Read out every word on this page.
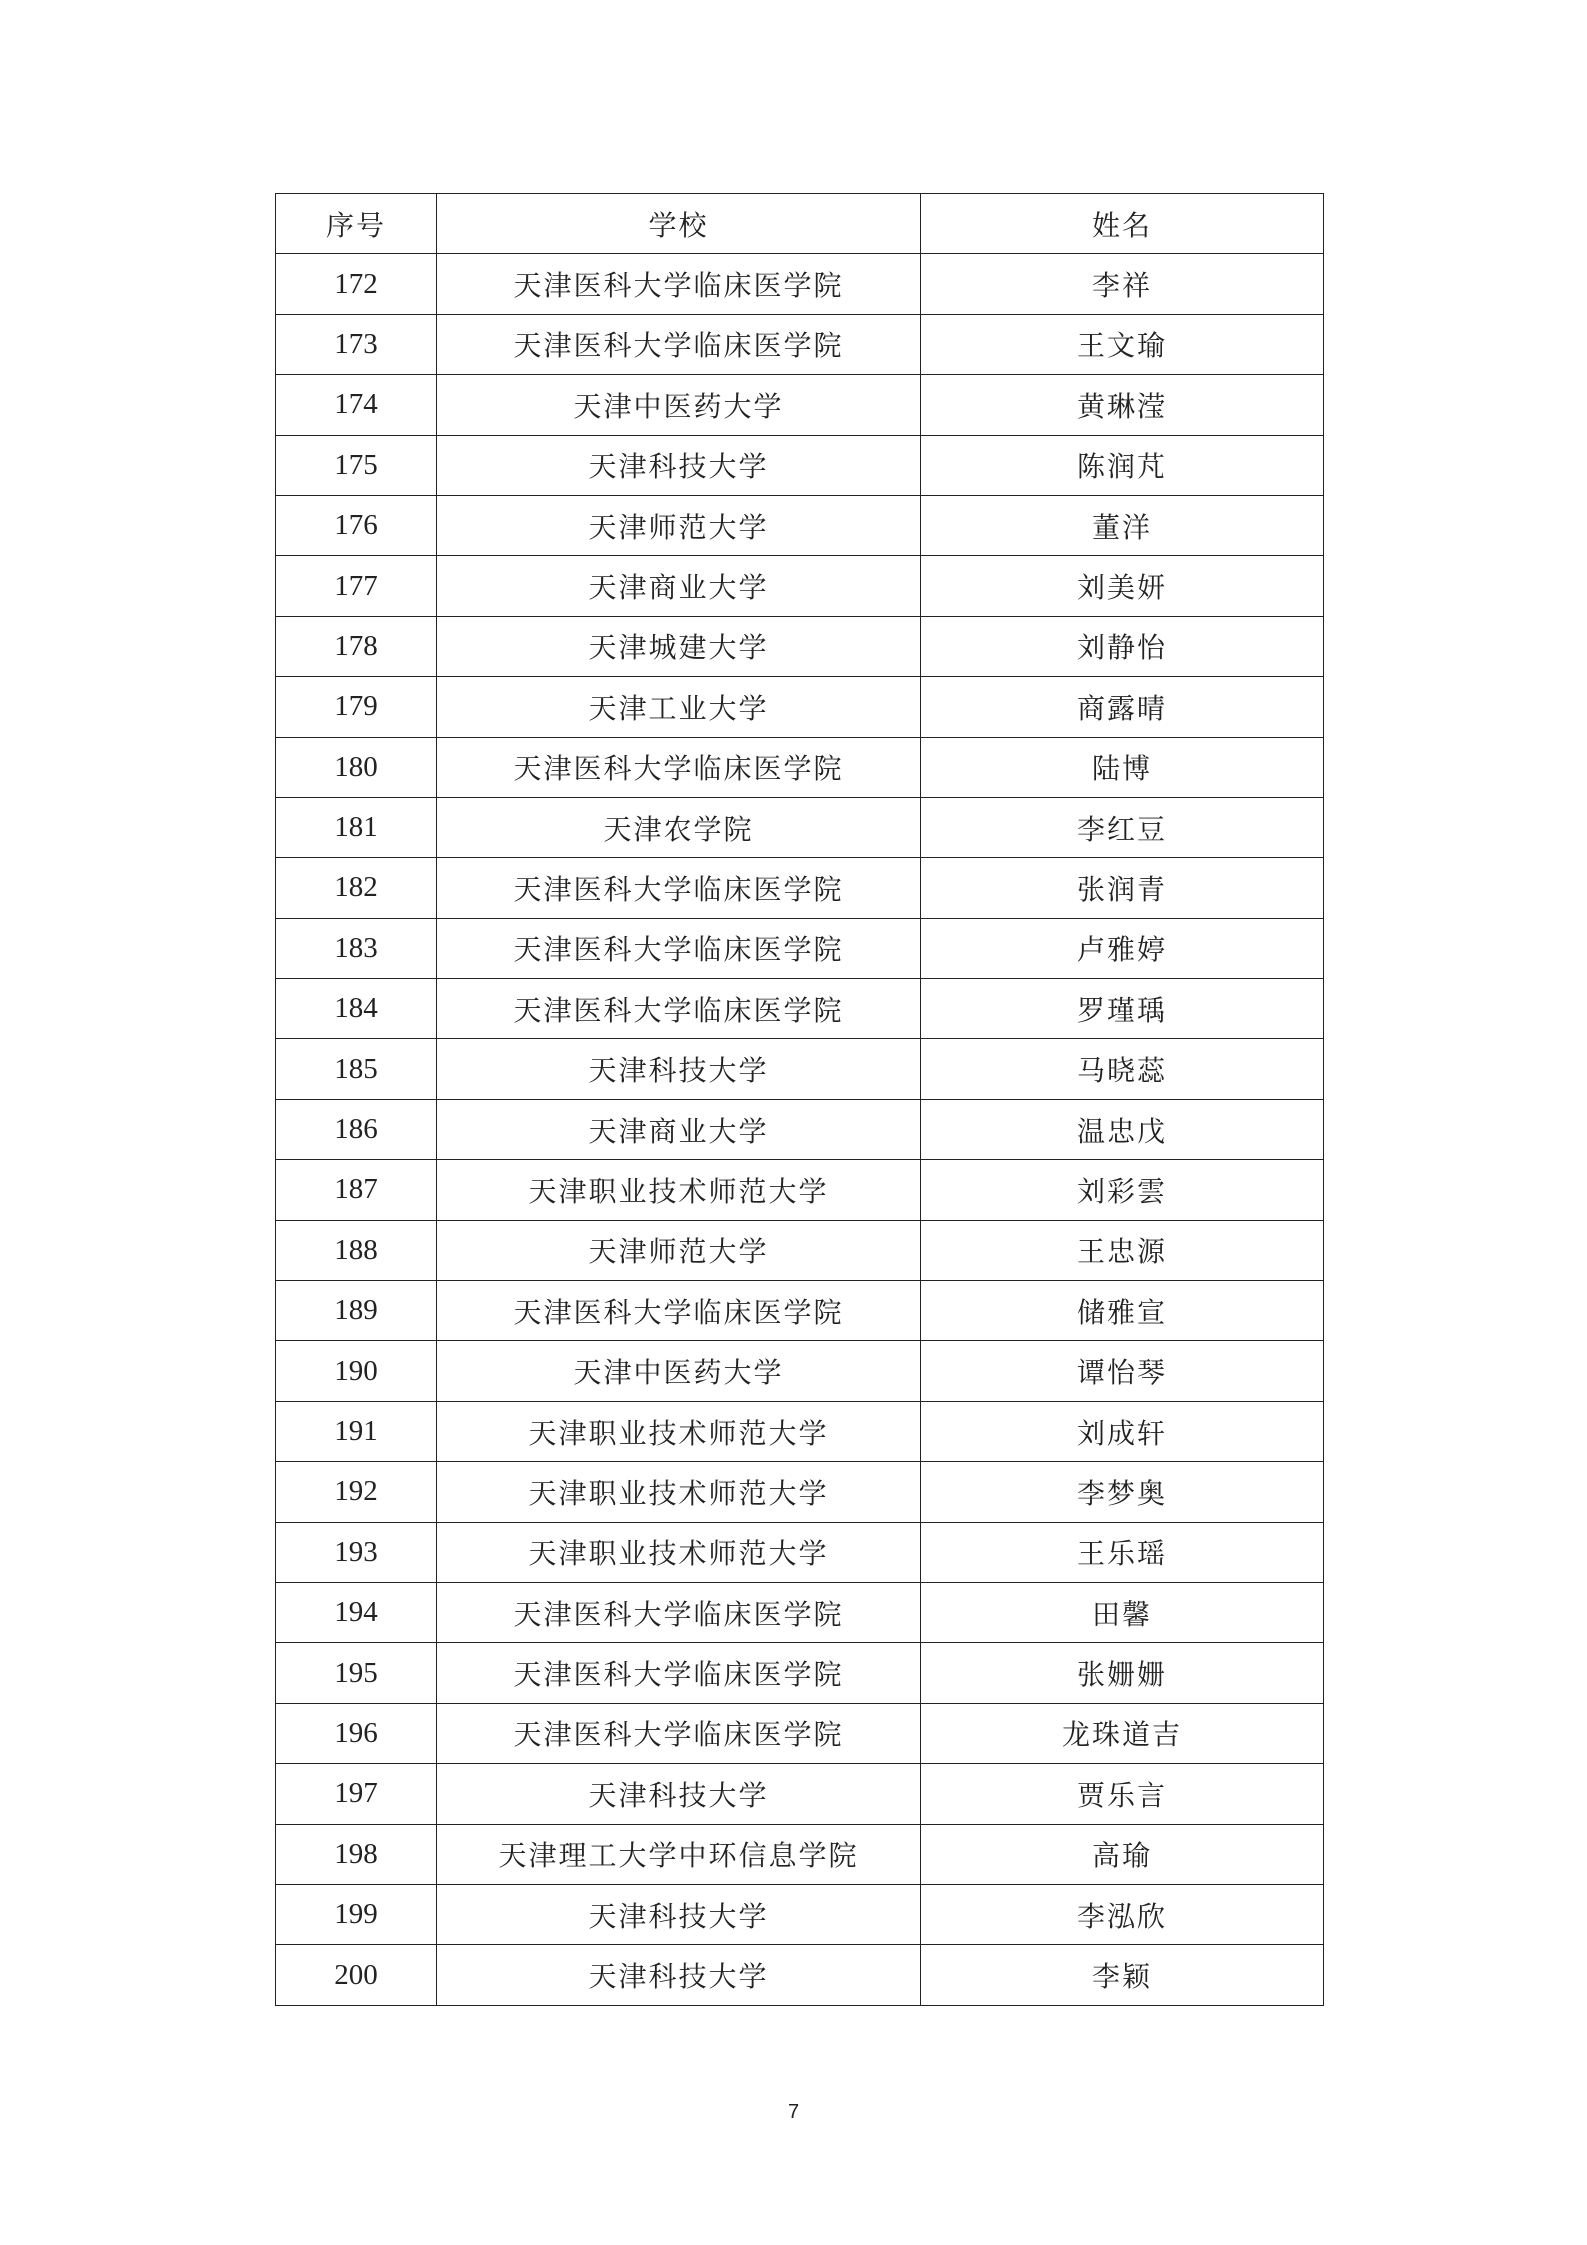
序号	学校	姓名
172	天津医科大学临床医学院	李祥
173	天津医科大学临床医学院	王文瑜
174	天津中医药大学	黄琳滢
175	天津科技大学	陈润芃
176	天津师范大学	董洋
177	天津商业大学	刘美妍
178	天津城建大学	刘静怡
179	天津工业大学	商露晴
180	天津医科大学临床医学院	陆博
181	天津农学院	李红豆
182	天津医科大学临床医学院	张润青
183	天津医科大学临床医学院	卢雅婷
184	天津医科大学临床医学院	罗瑾瑀
185	天津科技大学	马晓蕊
186	天津商业大学	温忠戊
187	天津职业技术师范大学	刘彩雲
188	天津师范大学	王忠源
189	天津医科大学临床医学院	储雅宣
190	天津中医药大学	谭怡琴
191	天津职业技术师范大学	刘成轩
192	天津职业技术师范大学	李梦奥
193	天津职业技术师范大学	王乐瑶
194	天津医科大学临床医学院	田馨
195	天津医科大学临床医学院	张姗姗
196	天津医科大学临床医学院	龙珠道吉
197	天津科技大学	贾乐言
198	天津理工大学中环信息学院	高瑜
199	天津科技大学	李泓欣
200	天津科技大学	李颖
7
